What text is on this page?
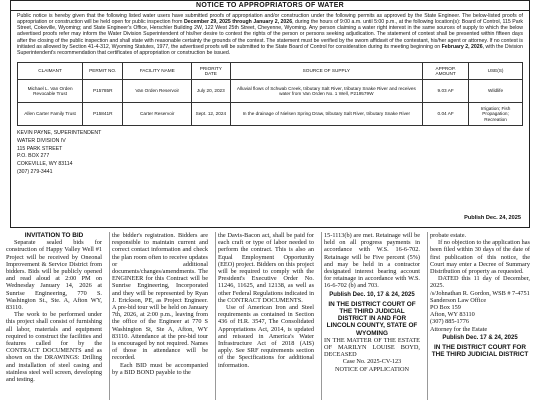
NOTICE TO APPROPRIATORS OF WATER
Public notice is hereby given that the following listed water users have submitted proofs of appropriation and/or construction under the following permits as approved by the State Engineer. The below-listed proofs of appropriation or construction will be held open for public inspection from December 29, 2025 through January 2, 2026, during the hours of 9:00 a.m. until 5:00 p.m., at the following location(s): Board of Control, 115 Park Street, Cokeville, Wyoming; and State Engineer's Office, Herschler Building 2W, 122 West 25th Street, Cheyenne, Wyoming. Any person claiming a water right interest in the same sources of supply to which the below advertised proofs refer may inform the Water Division Superintendent of his/her desire to contest the rights of the person or persons seeking adjudication. The statement of contest shall be presented within fifteen days after the closing of the public inspection and shall state with reasonable certainty the grounds of the contest. The statement must be verified by the sworn affidavit of the contestant, his/her agent or attorney. If no contest is initiated as allowed by Section 41-4-312, Wyoming Statutes, 1977, the advertised proofs will be submitted to the State Board of Control for consideration during its meeting beginning on February 2, 2026, with the Division Superintendent's recommendation that certificates of appropriation or construction be issued.
CLAIMANT	PERMIT NO.	FACILITY NAME	PRIORITY DATE	SOURCE OF SUPPLY	APPROP. AMOUNT	USE(S)
Michael L. Van Orden Revocable Trust	P15785R	Van Orden Reservoir	July 20, 2023	Alluvial flows of Schwab Creek, tributary Salt River, tributary Snake River and receives water from Van Orden No. 1 Well, P219579W	9.03 AF	Wildlife
Allen Carter Family Trust	P15841R	Carter Reservoir	Sept. 12, 2024	In the drainage of Nielsen Spring Draw, tributary Salt River, tributary Snake River	0.04 AF	Irrigation; Fish Propagation; Recreation
KEVIN PAYNE, SUPERINTENDENT
WATER DIVISION IV
115 PARK STREET
P.O. BOX 277
COKEVILLE, WY 83114
(307) 279-3441
Publish Dec. 24, 2025
INVITATION TO BID

Separate sealed bids for construction of Happy Valley Well #1 Project will be received by Oneonal Improvement & Service District from bidders. Bids will be publicly opened and read aloud at 2:00 PM on Wednesday January 14, 2026 at Sunrise Engineering, 770 S. Washington St., Ste. A, Afton WY, 83110.

The work to be performed under this project shall consist of furnishing all labor, materials and equipment required to construct the facilities and features called for by the CONTRACT DOCUMENTS and as shown on the DRAWINGS: Drilling and installation of steel casing and stainless steel well screen, developing and testing.

the bidder's registration. Bidders are responsible to maintain current and correct contact information and check the plan room often to receive updates or additional documents/changes/amendments. The ENGINEER for this Contract will be Sunrise Engineering, Incorporated and they will be represented by Ryan J. Erickson, PE, as Project Engineer. A pre-bid tour will be held on January 7th, 2026, at 2:00 p.m., leaving from the office of the Engineer at 770 S Washington St, Ste A, Afton, WY 83110. Attendance at the pre-bid tour is encouraged by not required. Names of those in attendance will be recorded.

Each BID must be accompanied by a BID BOND payable to the

the Davis-Bacon act, shall be paid for each craft or type of labor needed to perform the contract. This is also an Equal Employment Opportunity (EEO) project. Bidders on this project will be required to comply with the President's Executive Order No. 11246, 11625, and 12138, as well as other Federal Regulations indicated in the CONTRACT DOCUMENTS.

Use of American Iron and Steel requirements as contained in Section 436 of H.R. 3547, The Consolidated Appropriations Act, 2014, is updated and reissued in America's Water Infrastructure Act of 2018 (AIS) apply. See SRF requirements section of the Specifications for additional information.

15-1113(b) are met. Retainage will be held on all progress payments in accordance with W.S. 16-6-702. Retainage will be Five percent (5%) and may be held in a contractor designated interest bearing account for retainage in accordance with W.S. 16-6-702 (b) and 703.

Publish Dec. 10, 17 & 24, 2025
IN THE DISTRICT COURT OF THE THIRD JUDICIAL DISTRICT IN AND FOR LINCOLN COUNTY, STATE OF WYOMING

IN THE MATTER OF THE ESTATE OF MARILYN LOUISE BOYD, DECEASED

Case No. 2025-CV-123

NOTICE OF APPLICATION

probate estate.

If no objection to the application has been filed within 30 days of the date of first publication of this notice, the Court may enter a Decree of Summary Distribution of property as requested.

DATED this 11 day of December, 2025.

/s/Johnathan R. Gordon, WSB # 7-4751

Sanderson Law Office

PO Box 159

Afton, WY 83110

(307) 885-1776

Attorney for the Estate

Publish Dec. 17 & 24, 2025
IN THE DISTRICT COURT FOR THE THIRD JUDICIAL DISTRICT
